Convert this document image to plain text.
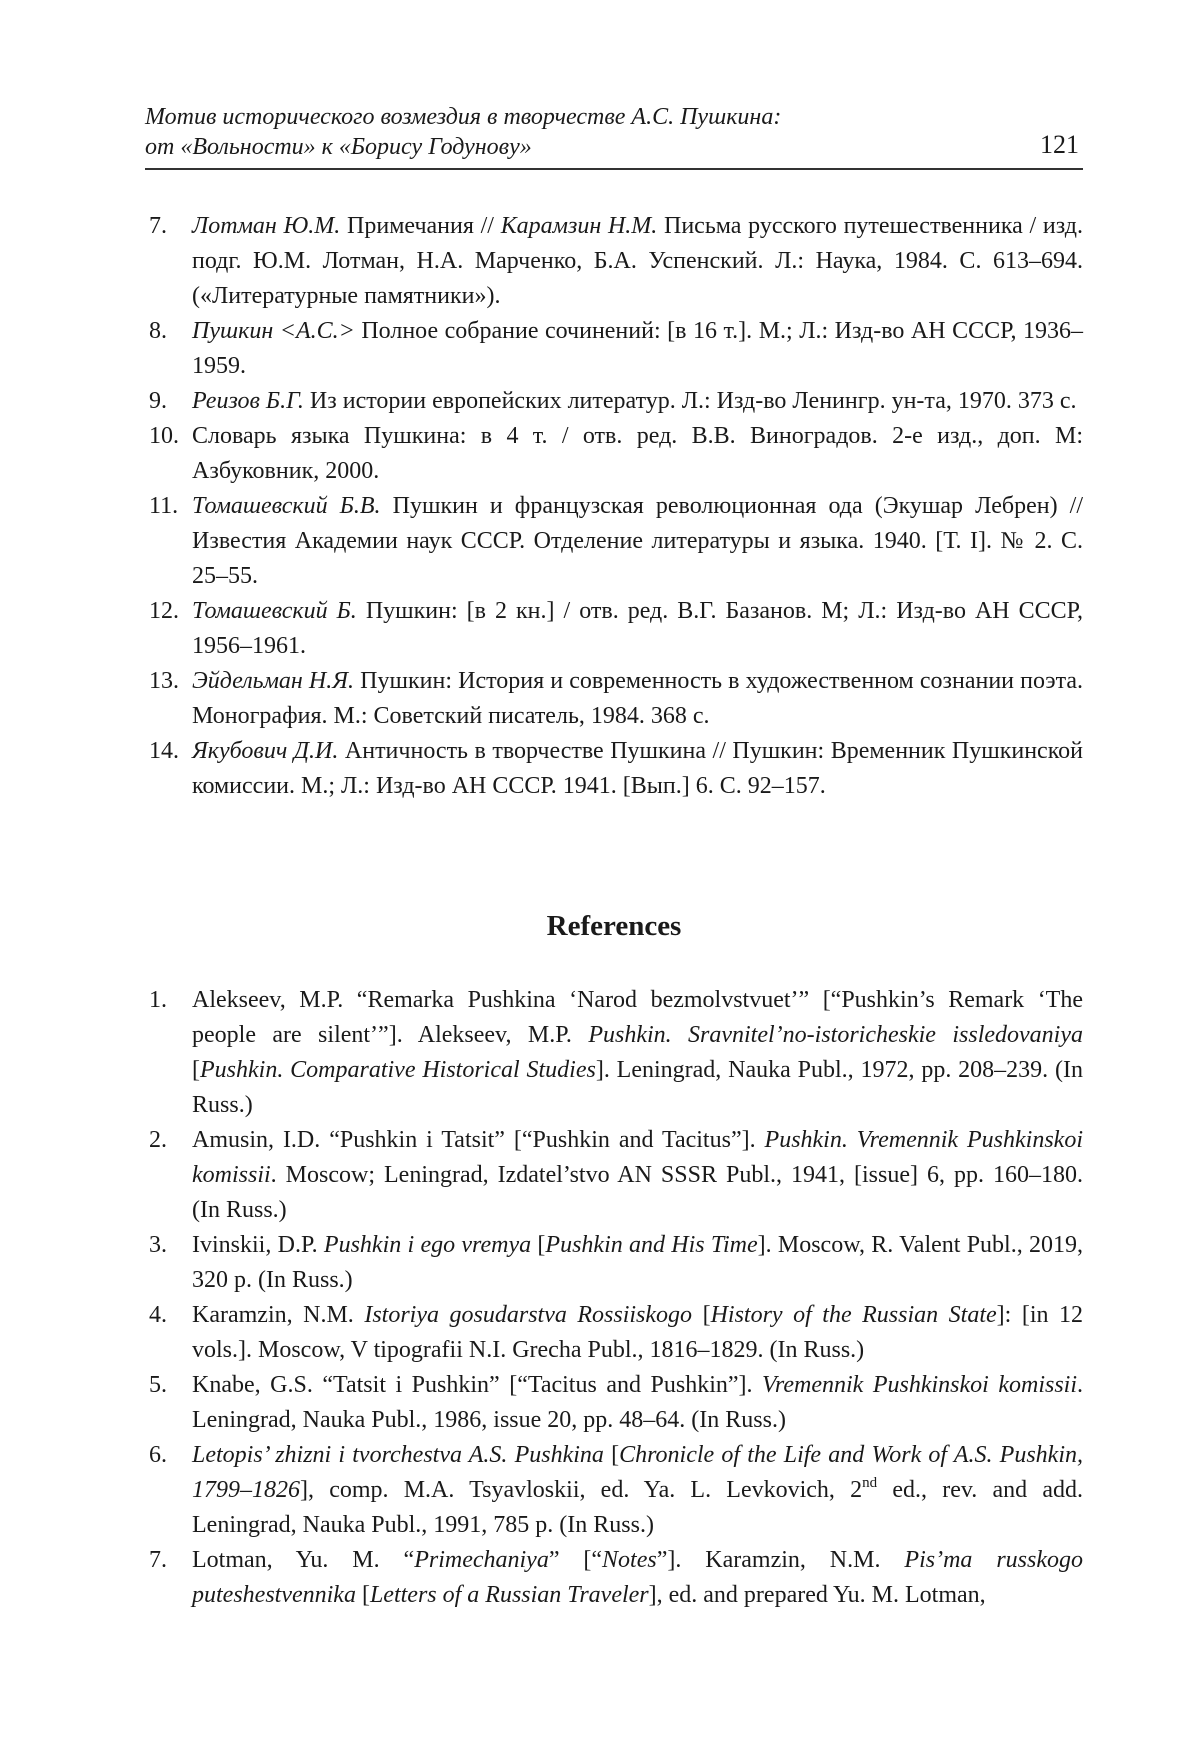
Мотив исторического возмездия в творчестве А.С. Пушкина:
от «Вольности» к «Борису Годунову»	121
7. Лотман Ю.М. Примечания // Карамзин Н.М. Письма русского путешественника / изд. подг. Ю.М. Лотман, Н.А. Марченко, Б.А. Успенский. Л.: Наука, 1984. С. 613–694. («Литературные памятники»).
8. Пушкин <А.С.> Полное собрание сочинений: [в 16 т.]. М.; Л.: Изд-во АН СССР, 1936–1959.
9. Реизов Б.Г. Из истории европейских литератур. Л.: Изд-во Ленингр. ун-та, 1970. 373 с.
10. Словарь языка Пушкина: в 4 т. / отв. ред. В.В. Виноградов. 2-е изд., доп. М: Азбуковник, 2000.
11. Томашевский Б.В. Пушкин и французская революционная ода (Экушар Лебрен) // Известия Академии наук СССР. Отделение литературы и языка. 1940. [Т. I]. № 2. С. 25–55.
12. Томашевский Б. Пушкин: [в 2 кн.] / отв. ред. В.Г. Базанов. М; Л.: Изд-во АН СССР, 1956–1961.
13. Эйдельман Н.Я. Пушкин: История и современность в художественном сознании поэта. Монография. М.: Советский писатель, 1984. 368 с.
14. Якубович Д.И. Античность в творчестве Пушкина // Пушкин: Временник Пушкинской комиссии. М.; Л.: Изд-во АН СССР. 1941. [Вып.] 6. С. 92–157.
References
1. Alekseev, M.P. “Remarka Pushkina ‘Narod bezmolvstvuet’” [“Pushkin’s Remark ‘The people are silent’”]. Alekseev, M.P. Pushkin. Sravnitel’no-istoricheskie issledovaniya [Pushkin. Comparative Historical Studies]. Leningrad, Nauka Publ., 1972, pp. 208–239. (In Russ.)
2. Amusin, I.D. “Pushkin i Tatsit” [“Pushkin and Tacitus”]. Pushkin. Vremennik Pushkinskoi komissii. Moscow; Leningrad, Izdatel’stvo AN SSSR Publ., 1941, [issue] 6, pp. 160–180. (In Russ.)
3. Ivinskii, D.P. Pushkin i ego vremya [Pushkin and His Time]. Moscow, R. Valent Publ., 2019, 320 p. (In Russ.)
4. Karamzin, N.M. Istoriya gosudarstva Rossiiskogo [History of the Russian State]: [in 12 vols.]. Moscow, V tipografii N.I. Grecha Publ., 1816–1829. (In Russ.)
5. Knabe, G.S. “Tatsit i Pushkin” [“Tacitus and Pushkin”]. Vremennik Pushkinskoi komissii. Leningrad, Nauka Publ., 1986, issue 20, pp. 48–64. (In Russ.)
6. Letopis’ zhizni i tvorchestva A.S. Pushkina [Chronicle of the Life and Work of A.S. Pushkin, 1799–1826], comp. M.A. Tsyavloskii, ed. Ya. L. Levkovich, 2nd ed., rev. and add. Leningrad, Nauka Publ., 1991, 785 p. (In Russ.)
7. Lotman, Yu. M. “Primechaniya” [“Notes”]. Karamzin, N.M. Pis’ma russkogo puteshestvennika [Letters of a Russian Traveler], ed. and prepared Yu. M. Lotman,
